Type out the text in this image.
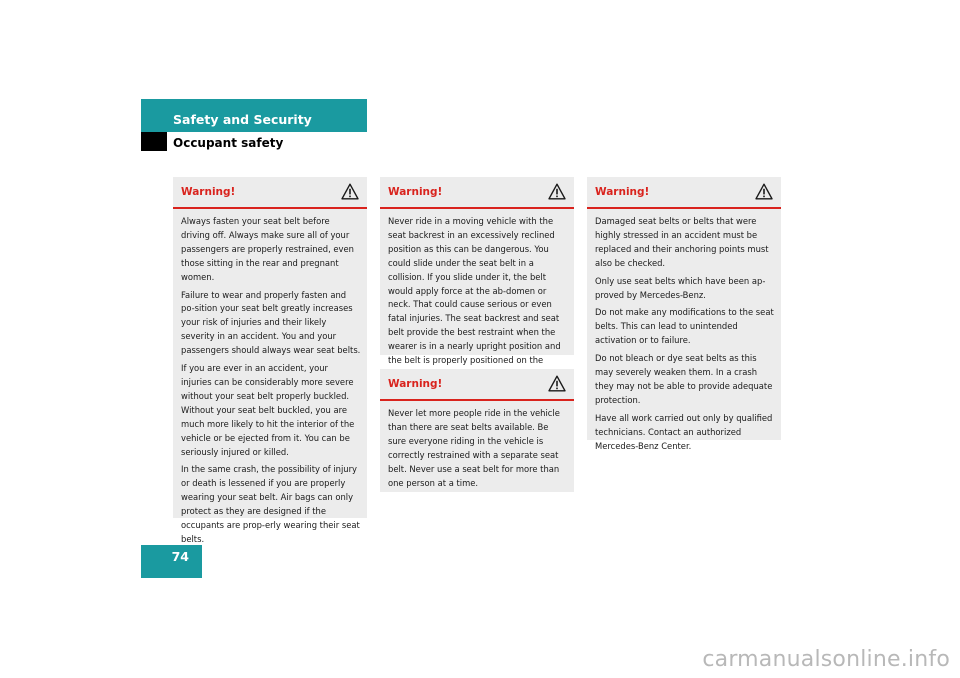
Safety and Security
Occupant safety
Warning!

Always fasten your seat belt before driving off. Always make sure all of your passengers are properly restrained, even those sitting in the rear and pregnant women.

Failure to wear and properly fasten and po-sition your seat belt greatly increases your risk of injuries and their likely severity in an accident. You and your passengers should always wear seat belts.

If you are ever in an accident, your injuries can be considerably more severe without your seat belt properly buckled. Without your seat belt buckled, you are much more likely to hit the interior of the vehicle or be ejected from it. You can be seriously injured or killed.

In the same crash, the possibility of injury or death is lessened if you are properly wearing your seat belt. Air bags can only protect as they are designed if the occupants are prop-erly wearing their seat belts.

Warning!

Never ride in a moving vehicle with the seat backrest in an excessively reclined position as this can be dangerous. You could slide under the seat belt in a collision. If you slide under it, the belt would apply force at the ab-domen or neck. That could cause serious or even fatal injuries. The seat backrest and seat belt provide the best restraint when the wearer is in a nearly upright position and the belt is properly positioned on the

Warning!

Never let more people ride in the vehicle than there are seat belts available. Be sure everyone riding in the vehicle is correctly restrained with a separate seat belt. Never use a seat belt for more than one person at a time.

Warning!

Damaged seat belts or belts that were highly stressed in an accident must be replaced and their anchoring points must also be checked.

Only use seat belts which have been ap-proved by Mercedes-Benz.

Do not make any modifications to the seat belts. This can lead to unintended activation or to failure.

Do not bleach or dye seat belts as this may severely weaken them. In a crash they may not be able to provide adequate protection.

Have all work carried out only by qualified technicians. Contact an authorized Mercedes-Benz Center.

74
carmanualsonline.info
